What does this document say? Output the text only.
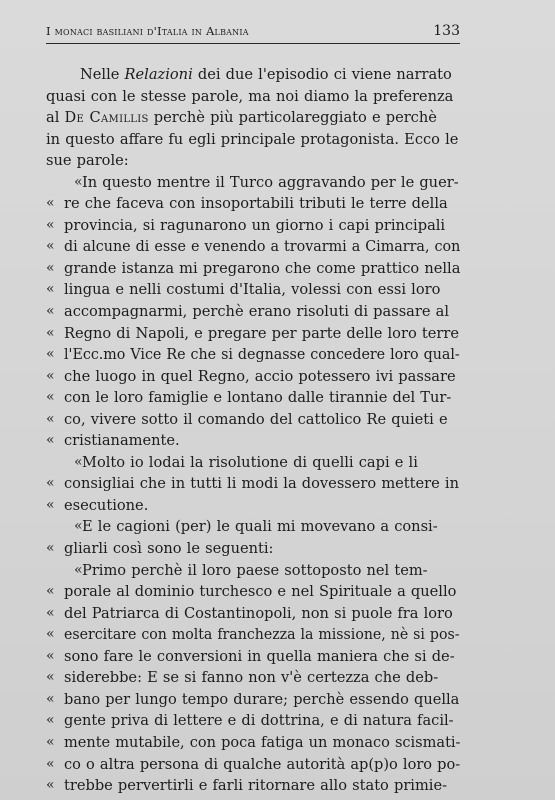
I monaci basiliani d'Italia in Albania	133
Nelle Relazioni dei due l'episodio ci viene narrato
quasi con le stesse parole, ma noi diamo la preferenza
al De Camillis perchè più particolareggiato e perchè
in questo affare fu egli principale protagonista. Ecco le
sue parole:
« In questo mentre il Turco aggravando per le guer-
« re che faceva con insoportabili tributi le terre della
« provincia, si ragunarono un giorno i capi principali
« di alcune di esse e venendo a trovarmi a Cimarra, con
« grande istanza mi pregarono che come prattico nella
« lingua e nelli costumi d'Italia, volessi con essi loro
« accompagnarmi, perchè erano risoluti di passare al
« Regno di Napoli, e pregare per parte delle loro terre
« l'Ecc.mo Vice Re che si degnasse concedere loro qual-
« che luogo in quel Regno, accio potessero ivi passare
« con le loro famiglie e lontano dalle tirannie del Tur-
« co, vivere sotto il comando del cattolico Re quieti e
« cristianamente.
« Molto io lodai la risolutione di quelli capi e li
« consigliai che in tutti li modi la dovessero mettere in
« esecutione.
« E le cagioni (per) le quali mi movevano a consi-
« gliarli così sono le seguenti:
« Primo perchè il loro paese sottoposto nel tem-
« porale al dominio turchesco e nel Spirituale a quello
« del Patriarca di Costantinopoli, non si puole fra loro
« esercitare con molta franchezza la missione, nè si pos-
« sono fare le conversioni in quella maniera che si de-
« siderebbe: E se si fanno non v'è certezza che deb-
« bano per lungo tempo durare; perchè essendo quella
« gente priva di lettere e di dottrina, e di natura facil-
« mente mutabile, con poca fatiga un monaco scismati-
« co o altra persona di qualche autorità ap(p)o loro po-
« trebbe pervertirli e farli ritornare allo stato primie-
